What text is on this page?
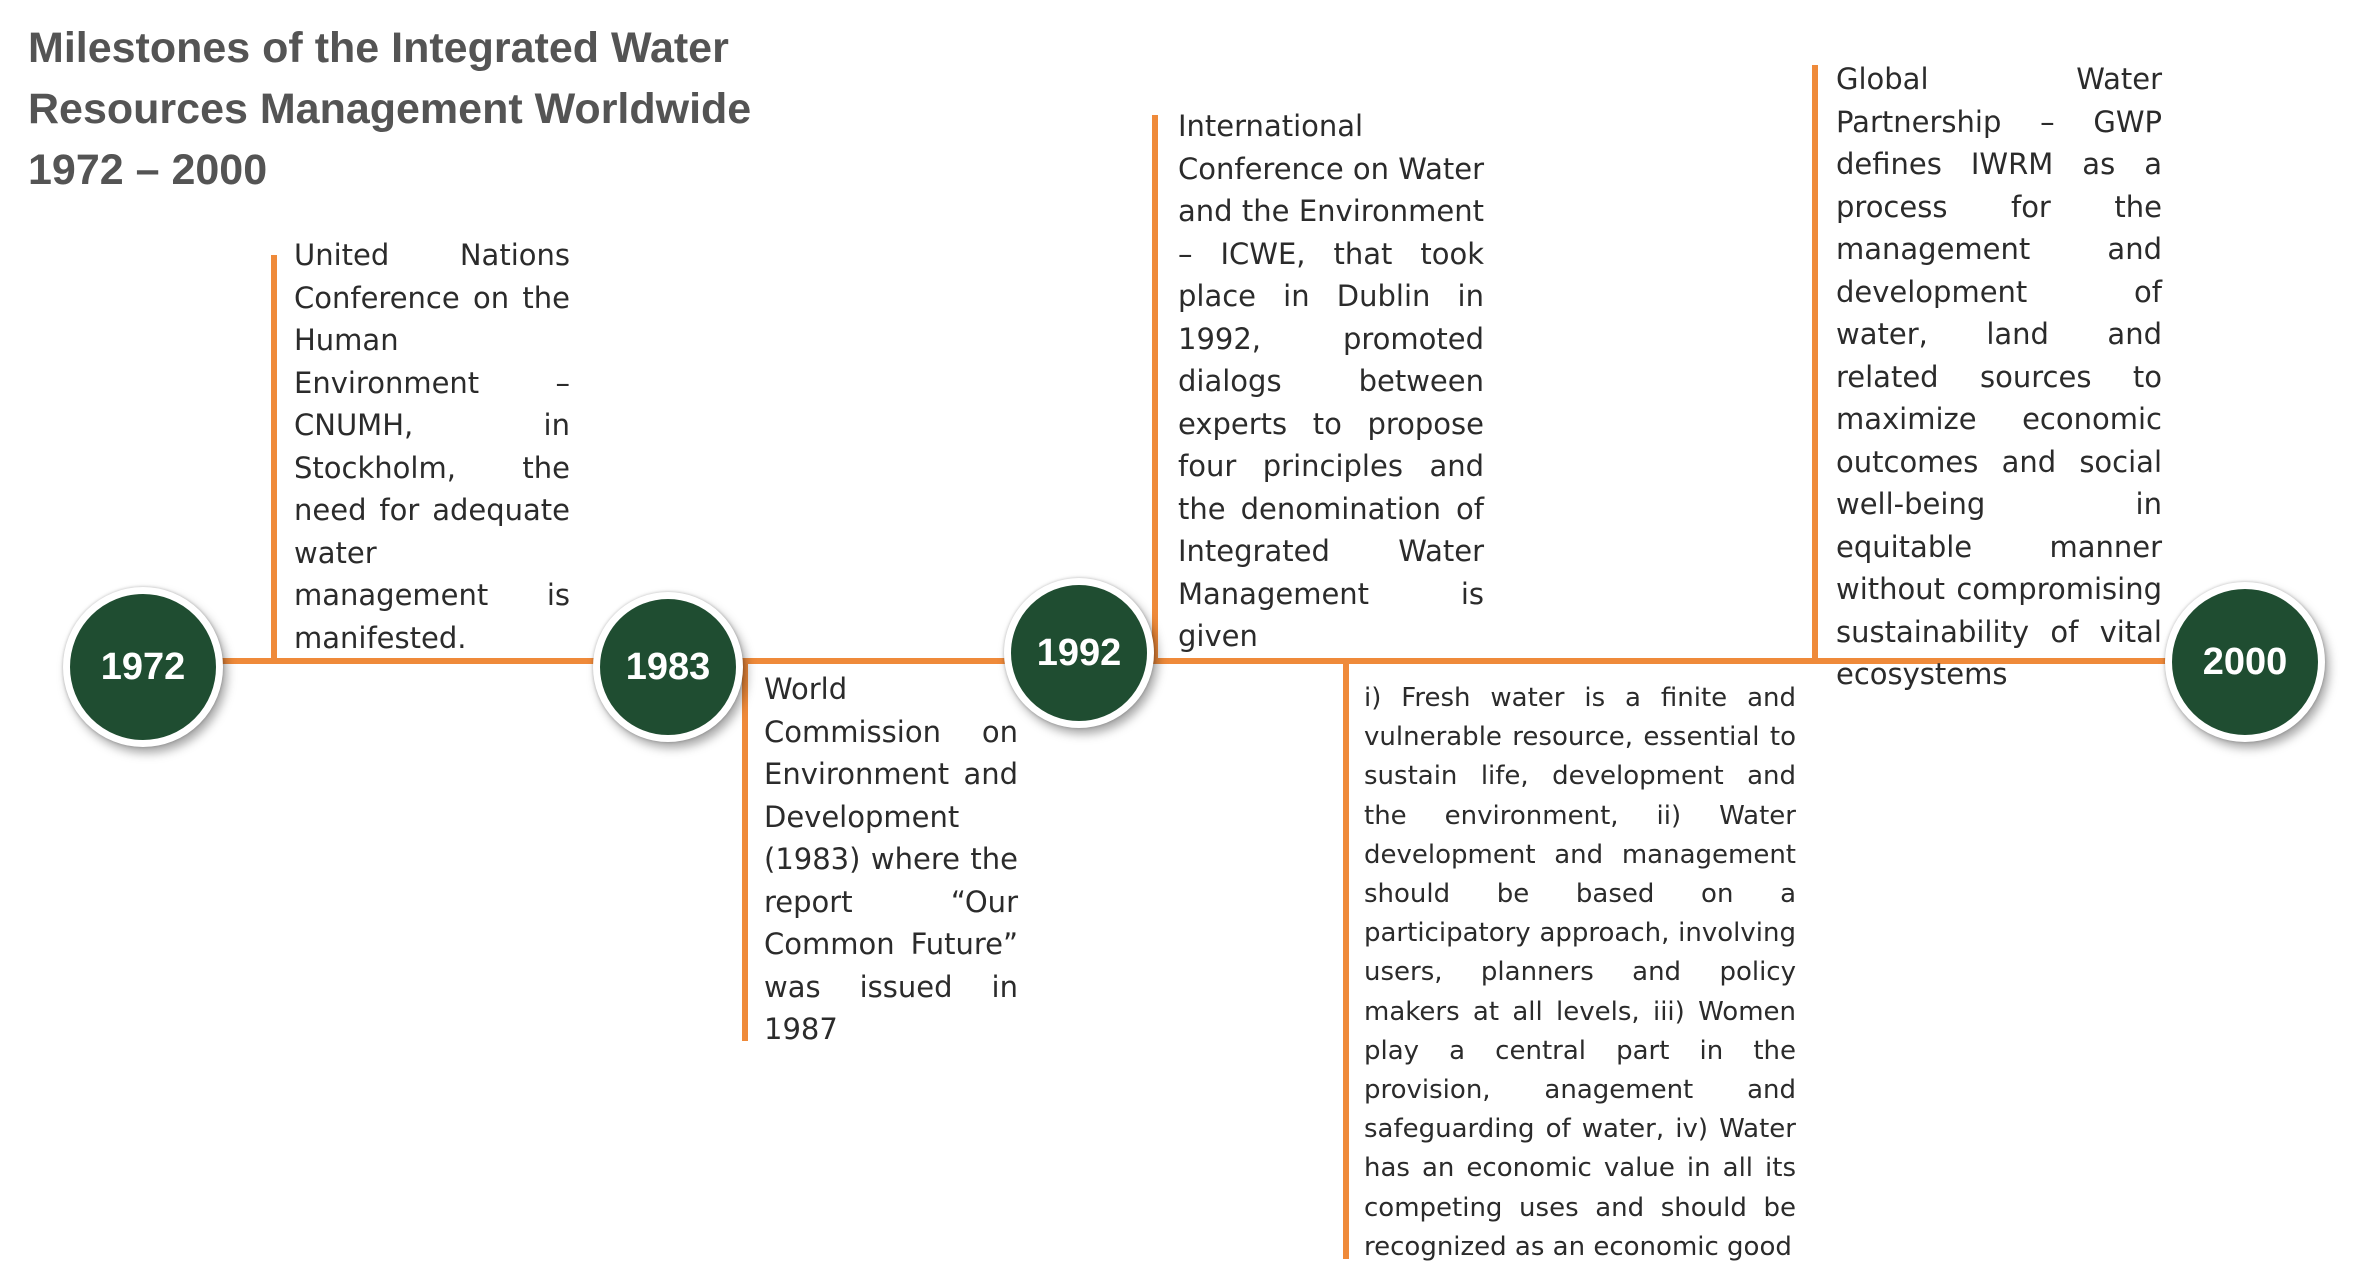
Milestones of the Integrated Water
Resources Management Worldwide
1972 – 2000
1972	1983	1992	2000

United Nations Conference on the Human Environment – CNUMH, in Stockholm, the need for adequate water management is manifested.

World Commission on Environment and Development (1983) where the report “Our Common Future” was issued in 1987

International Conference on Water and the Environment – ICWE, that took place in Dublin in 1992, promoted dialogs between experts to propose four principles and the denomination of Integrated Water Management is given

i) Fresh water is a finite and vulnerable resource, essential to sustain life, development and the environment, ii) Water development and management should be based on a participatory approach, involving users, planners and policy makers at all levels, iii) Women play a central part in the provision, anagement and safeguarding of water, iv) Water has an economic value in all its competing uses and should be recognized as an economic good

Global Water Partnership – GWP defines IWRM as a process for the management and development of water, land and related sources to maximize economic outcomes and social well-being in equitable manner without compromising sustainability of vital ecosystems
